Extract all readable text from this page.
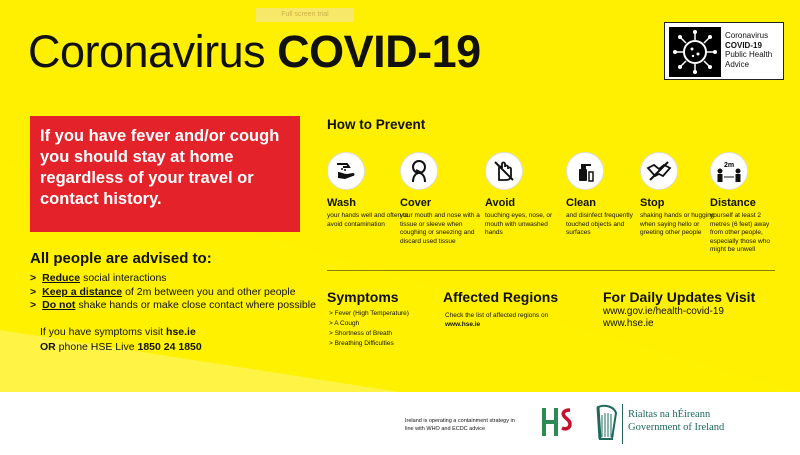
Full screen trial
Coronavirus COVID-19	Coronavirus
COVID-19
Public Health
Advice
If you have fever and/or cough you should stay at home regardless of your travel or contact history.
All people are advised to:
> Reduce social interactions
> Keep a distance of 2m between you and other people
> Do not shake hands or make close contact where possible
If you have symptoms visit hse.ie
OR phone HSE Live 1850 24 1850
How to Prevent
Wash
your hands well and often to avoid contamination
Cover
your mouth and nose with a tissue or sleeve when coughing or sneezing and discard used tissue
Avoid
touching eyes, nose, or mouth with unwashed hands
Clean
and disinfect frequently touched objects and surfaces
Stop
shaking hands or hugging when saying hello or greeting other people
2m
Distance
yourself at least 2 metres (6 feet) away from other people, especially those who might be unwell
Symptoms
> Fever (High Temperature)
> A Cough
> Shortness of Breath
> Breathing Difficulties
Affected Regions
Check the list of affected regions on www.hse.ie
For Daily Updates Visit
www.gov.ie/health-covid-19
www.hse.ie
Ireland is operating a containment strategy in line with WHO and ECDC advice
HSE
Rialtas na hÉireann
Government of Ireland
